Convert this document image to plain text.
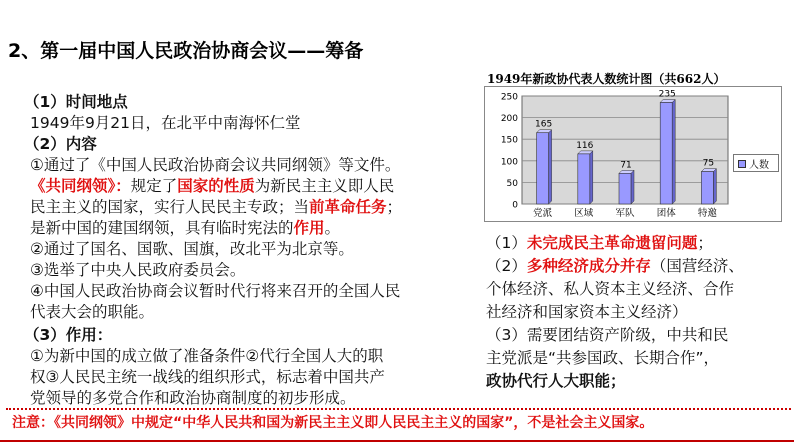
2、第一届中国人民政治协商会议——筹备
（1）时间地点
1949年9月21日，在北平中南海怀仁堂
（2）内容
①通过了《中国人民政治协商会议共同纲领》等文件。
《共同纲领》：规定了国家的性质为新民主主义即人民
民主主义的国家，实行人民民主专政；当前革命任务；
是新中国的建国纲领，具有临时宪法的作用。
②通过了国名、国歌、国旗，改北平为北京等。
③选举了中央人民政府委员会。
④中国人民政治协商会议暂时代行将来召开的全国人民
代表大会的职能。
（3）作用：
①为新中国的成立做了准备条件②代行全国人大的职
权③人民民主统一战线的组织形式，标志着中国共产
党领导的多党合作和政治协商制度的初步形成。
1949年新政协代表人数统计图（共662人）
0
50
100
150
200
250
165
党派
116
区域
71
军队
235
团体
75
特邀
人数
（1）未完成民主革命遗留问题；
（2）多种经济成分并存（国营经济、
个体经济、私人资本主义经济、合作
社经济和国家资本主义经济）
（3）需要团结资产阶级，中共和民
主党派是“共参国政、长期合作”，
政协代行人大职能；
注意：《共同纲领》中规定“中华人民共和国为新民主主义即人民民主主义的国家”，不是社会主义国家。
